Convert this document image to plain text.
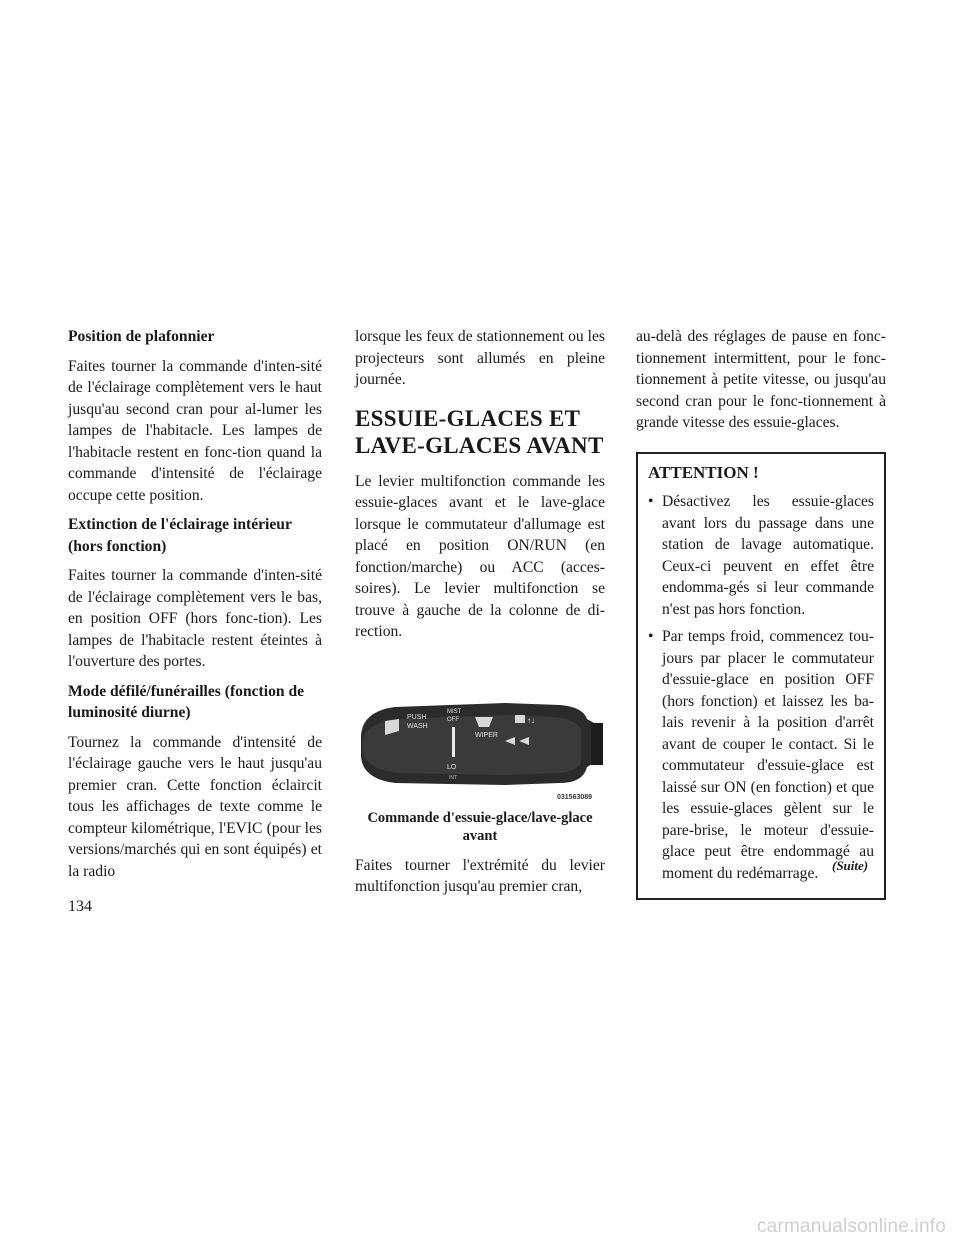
Position de plafonnier

Faites tourner la commande d'inten-sité de l'éclairage complètement vers le haut jusqu'au second cran pour al-lumer les lampes de l'habitacle. Les lampes de l'habitacle restent en fonc-tion quand la commande d'intensité de l'éclairage occupe cette position.

Extinction de l'éclairage intérieur (hors fonction)

Faites tourner la commande d'inten-sité de l'éclairage complètement vers le bas, en position OFF (hors fonc-tion). Les lampes de l'habitacle restent éteintes à l'ouverture des portes.

Mode défilé/funérailles (fonction de luminosité diurne)

Tournez la commande d'intensité de l'éclairage gauche vers le haut jusqu'au premier cran. Cette fonction éclaircit tous les affichages de texte comme le compteur kilométrique, l'EVIC (pour les versions/marchés qui en sont équipés) et la radio

lorsque les feux de stationnement ou les projecteurs sont allumés en pleine journée.

ESSUIE-GLACES ET LAVE-GLACES AVANT

Le levier multifonction commande les essuie-glaces avant et le lave-glace lorsque le commutateur d'allumage est placé en position ON/RUN (en fonction/marche) ou ACC (acces-soires). Le levier multifonction se trouve à gauche de la colonne de di-rection.

PUSH
WASH
MIST
OFF	↑↓
WIPER
LO
INT
031563089
Commande d'essuie-glace/lave-glace avant

Faites tourner l'extrémité du levier multifonction jusqu'au premier cran,

au-delà des réglages de pause en fonc-tionnement intermittent, pour le fonc-tionnement à petite vitesse, ou jusqu'au second cran pour le fonc-tionnement à grande vitesse des essuie-glaces.

ATTENTION !
• Désactivez les essuie-glaces avant lors du passage dans une station de lavage automatique. Ceux-ci peuvent en effet être endomma-gés si leur commande n'est pas hors fonction.
• Par temps froid, commencez tou-jours par placer le commutateur d'essuie-glace en position OFF (hors fonction) et laissez les ba-lais revenir à la position d'arrêt avant de couper le contact. Si le commutateur d'essuie-glace est laissé sur ON (en fonction) et que les essuie-glaces gèlent sur le pare-brise, le moteur d'essuie-glace peut être endommagé au moment du redémarrage.	(Suite)
134
carmanualsonline.info
